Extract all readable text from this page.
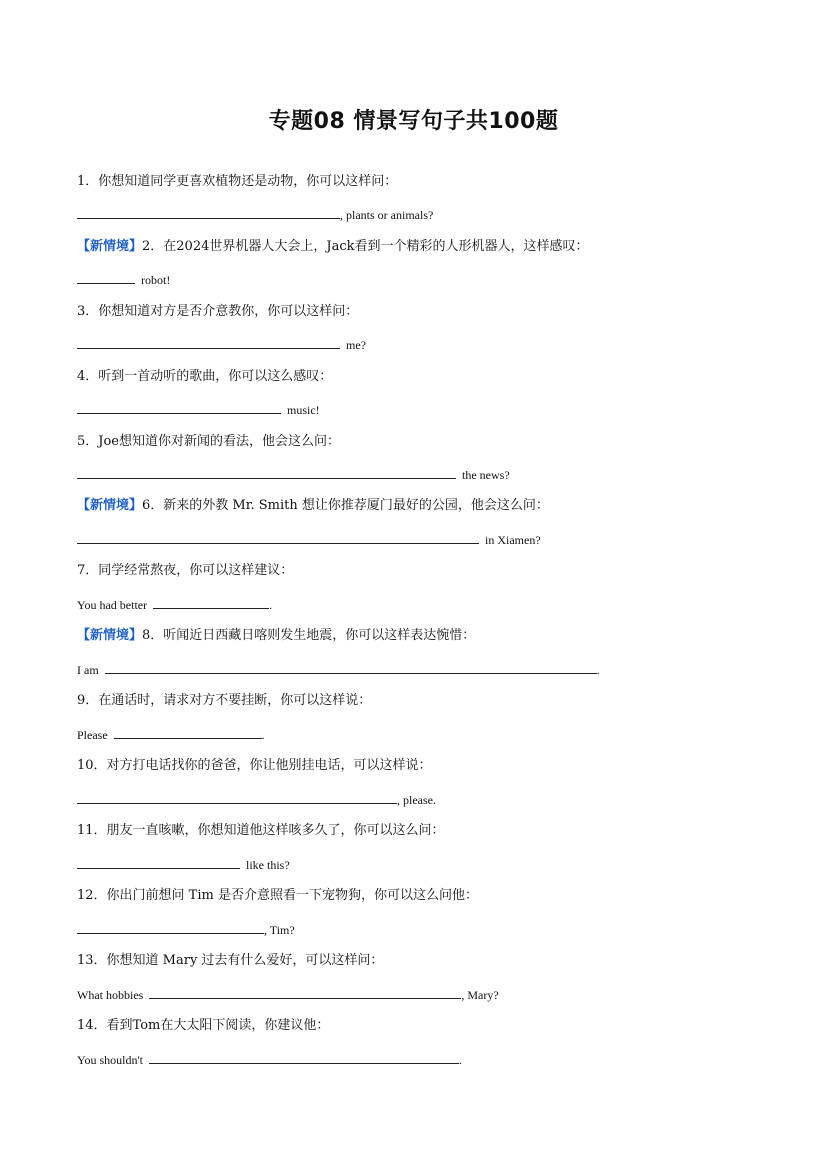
专题08 情景写句子共100题
1．你想知道同学更喜欢植物还是动物，你可以这样问：
, plants or animals?
【新情境】2．在2024世界机器人大会上，Jack看到一个精彩的人形机器人，这样感叹：
robot!
3．你想知道对方是否介意教你，你可以这样问：
me?
4．听到一首动听的歌曲，你可以这么感叹：
music!
5．Joe想知道你对新闻的看法，他会这么问：
the news?
【新情境】6．新来的外教 Mr. Smith 想让你推荐厦门最好的公园，他会这么问：
in Xiamen?
7．同学经常熬夜，你可以这样建议：
You had better	.
【新情境】8．听闻近日西藏日喀则发生地震，你可以这样表达惋惜：
I am	.
9．在通话时，请求对方不要挂断，你可以这样说：
Please	.
10．对方打电话找你的爸爸，你让他别挂电话，可以这样说：
, please.
11．朋友一直咳嗽，你想知道他这样咳多久了，你可以这么问：
like this?
12．你出门前想问 Tim 是否介意照看一下宠物狗，你可以这么问他：
, Tim?
13．你想知道 Mary 过去有什么爱好，可以这样问：
What hobbies	, Mary?
14．看到Tom在大太阳下阅读，你建议他：
You shouldn't	.
